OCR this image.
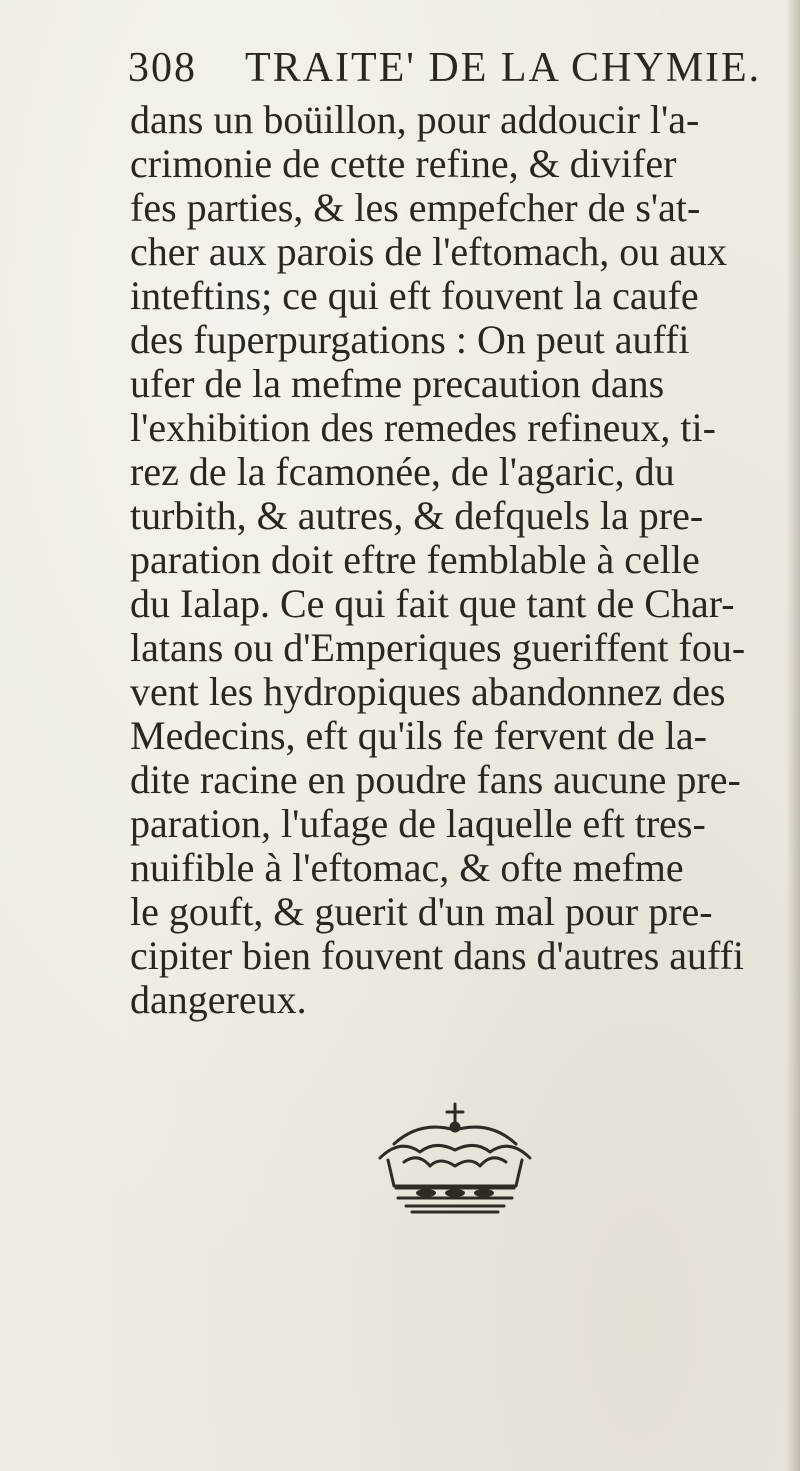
308 TRAITE' DE LA CHYMIE.
dans un boüillon, pour addoucir l'a-
crimonie de cette refine, & divifer
fes parties, & les empefcher de s'at-
cher aux parois de l'eftomach, ou aux
inteftins; ce qui eft fouvent la caufe
des fuperpurgations : On peut auffi
ufer de la mefme precaution dans
l'exhibition des remedes refineux, ti-
rez de la fcamonée, de l'agaric, du
turbith, & autres, & defquels la pre-
paration doit eftre femblable à celle
du Ialap. Ce qui fait que tant de Char-
latans ou d'Emperiques gueriffent fou-
vent les hydropiques abandonnez des
Medecins, eft qu'ils fe fervent de la-
dite racine en poudre fans aucune pre-
paration, l'ufage de laquelle eft tres-
nuifible à l'eftomac, & ofte mefme
le gouft, & guerit d'un mal pour pre-
cipiter bien fouvent dans d'autres auffi
dangereux.
